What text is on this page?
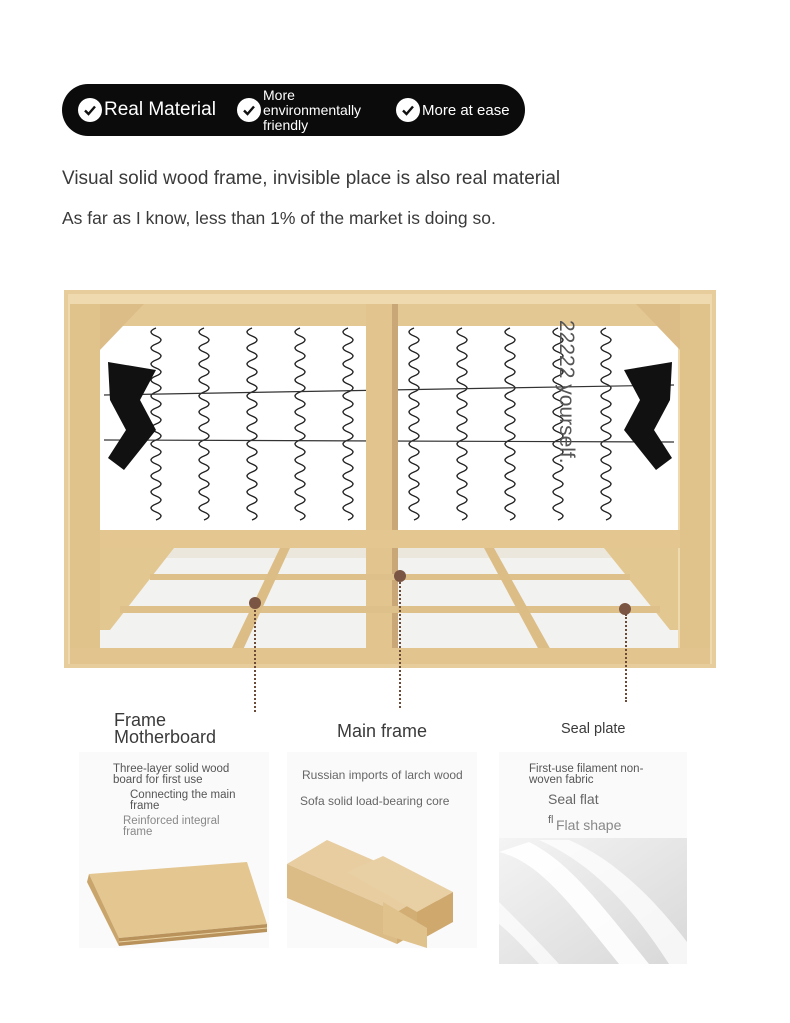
Real Material
More environmentally friendly
More at ease
Visual solid wood frame, invisible place is also real material
As far as I know, less than 1% of the market is doing so.
22222 yourself.
Frame Motherboard
Three-layer solid wood board for first use
Connecting the main frame
Reinforced integral frame
Main frame
Russian imports of larch wood
Sofa solid load-bearing core
Seal plate
First-use filament non-woven fabric
Seal flat
fl Flat shape
